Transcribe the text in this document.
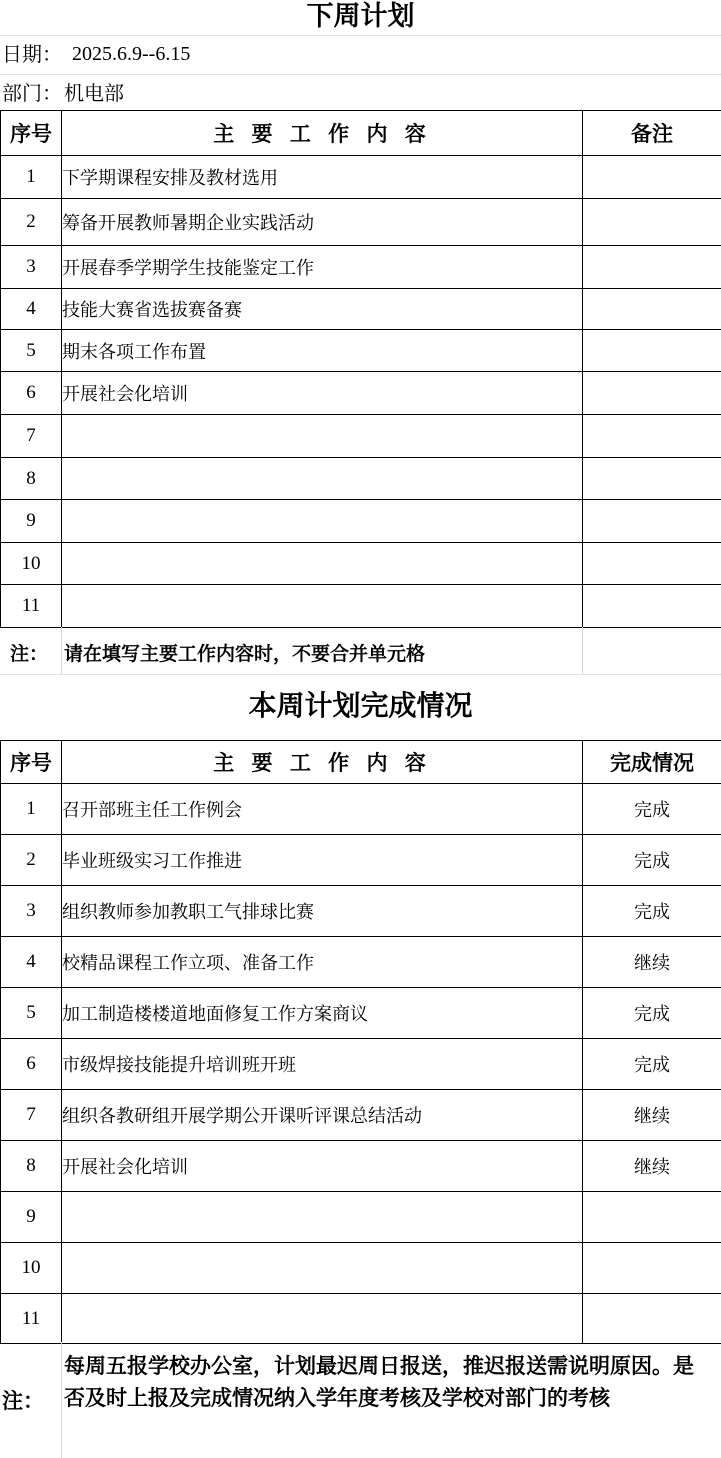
下周计划
日期： 2025.6.9--6.15
部门： 机电部
序号	主 要 工 作 内 容	备注
1	下学期课程安排及教材选用	
2	筹备开展教师暑期企业实践活动	
3	开展春季学期学生技能鉴定工作	
4	技能大赛省选拔赛备赛	
5	期末各项工作布置	
6	开展社会化培训	
7		
8		
9		
10		
11		
注： 请在填写主要工作内容时，不要合并单元格
本周计划完成情况
序号	主 要 工 作 内 容	完成情况
1	召开部班主任工作例会	完成
2	毕业班级实习工作推进	完成
3	组织教师参加教职工气排球比赛	完成
4	校精品课程工作立项、准备工作	继续
5	加工制造楼楼道地面修复工作方案商议	完成
6	市级焊接技能提升培训班开班	完成
7	组织各教研组开展学期公开课听评课总结活动	继续
8	开展社会化培训	继续
9		
10		
11		
注：
每周五报学校办公室，计划最迟周日报送，推迟报送需说明原因。是否及时上报及完成情况纳入学年度考核及学校对部门的考核
